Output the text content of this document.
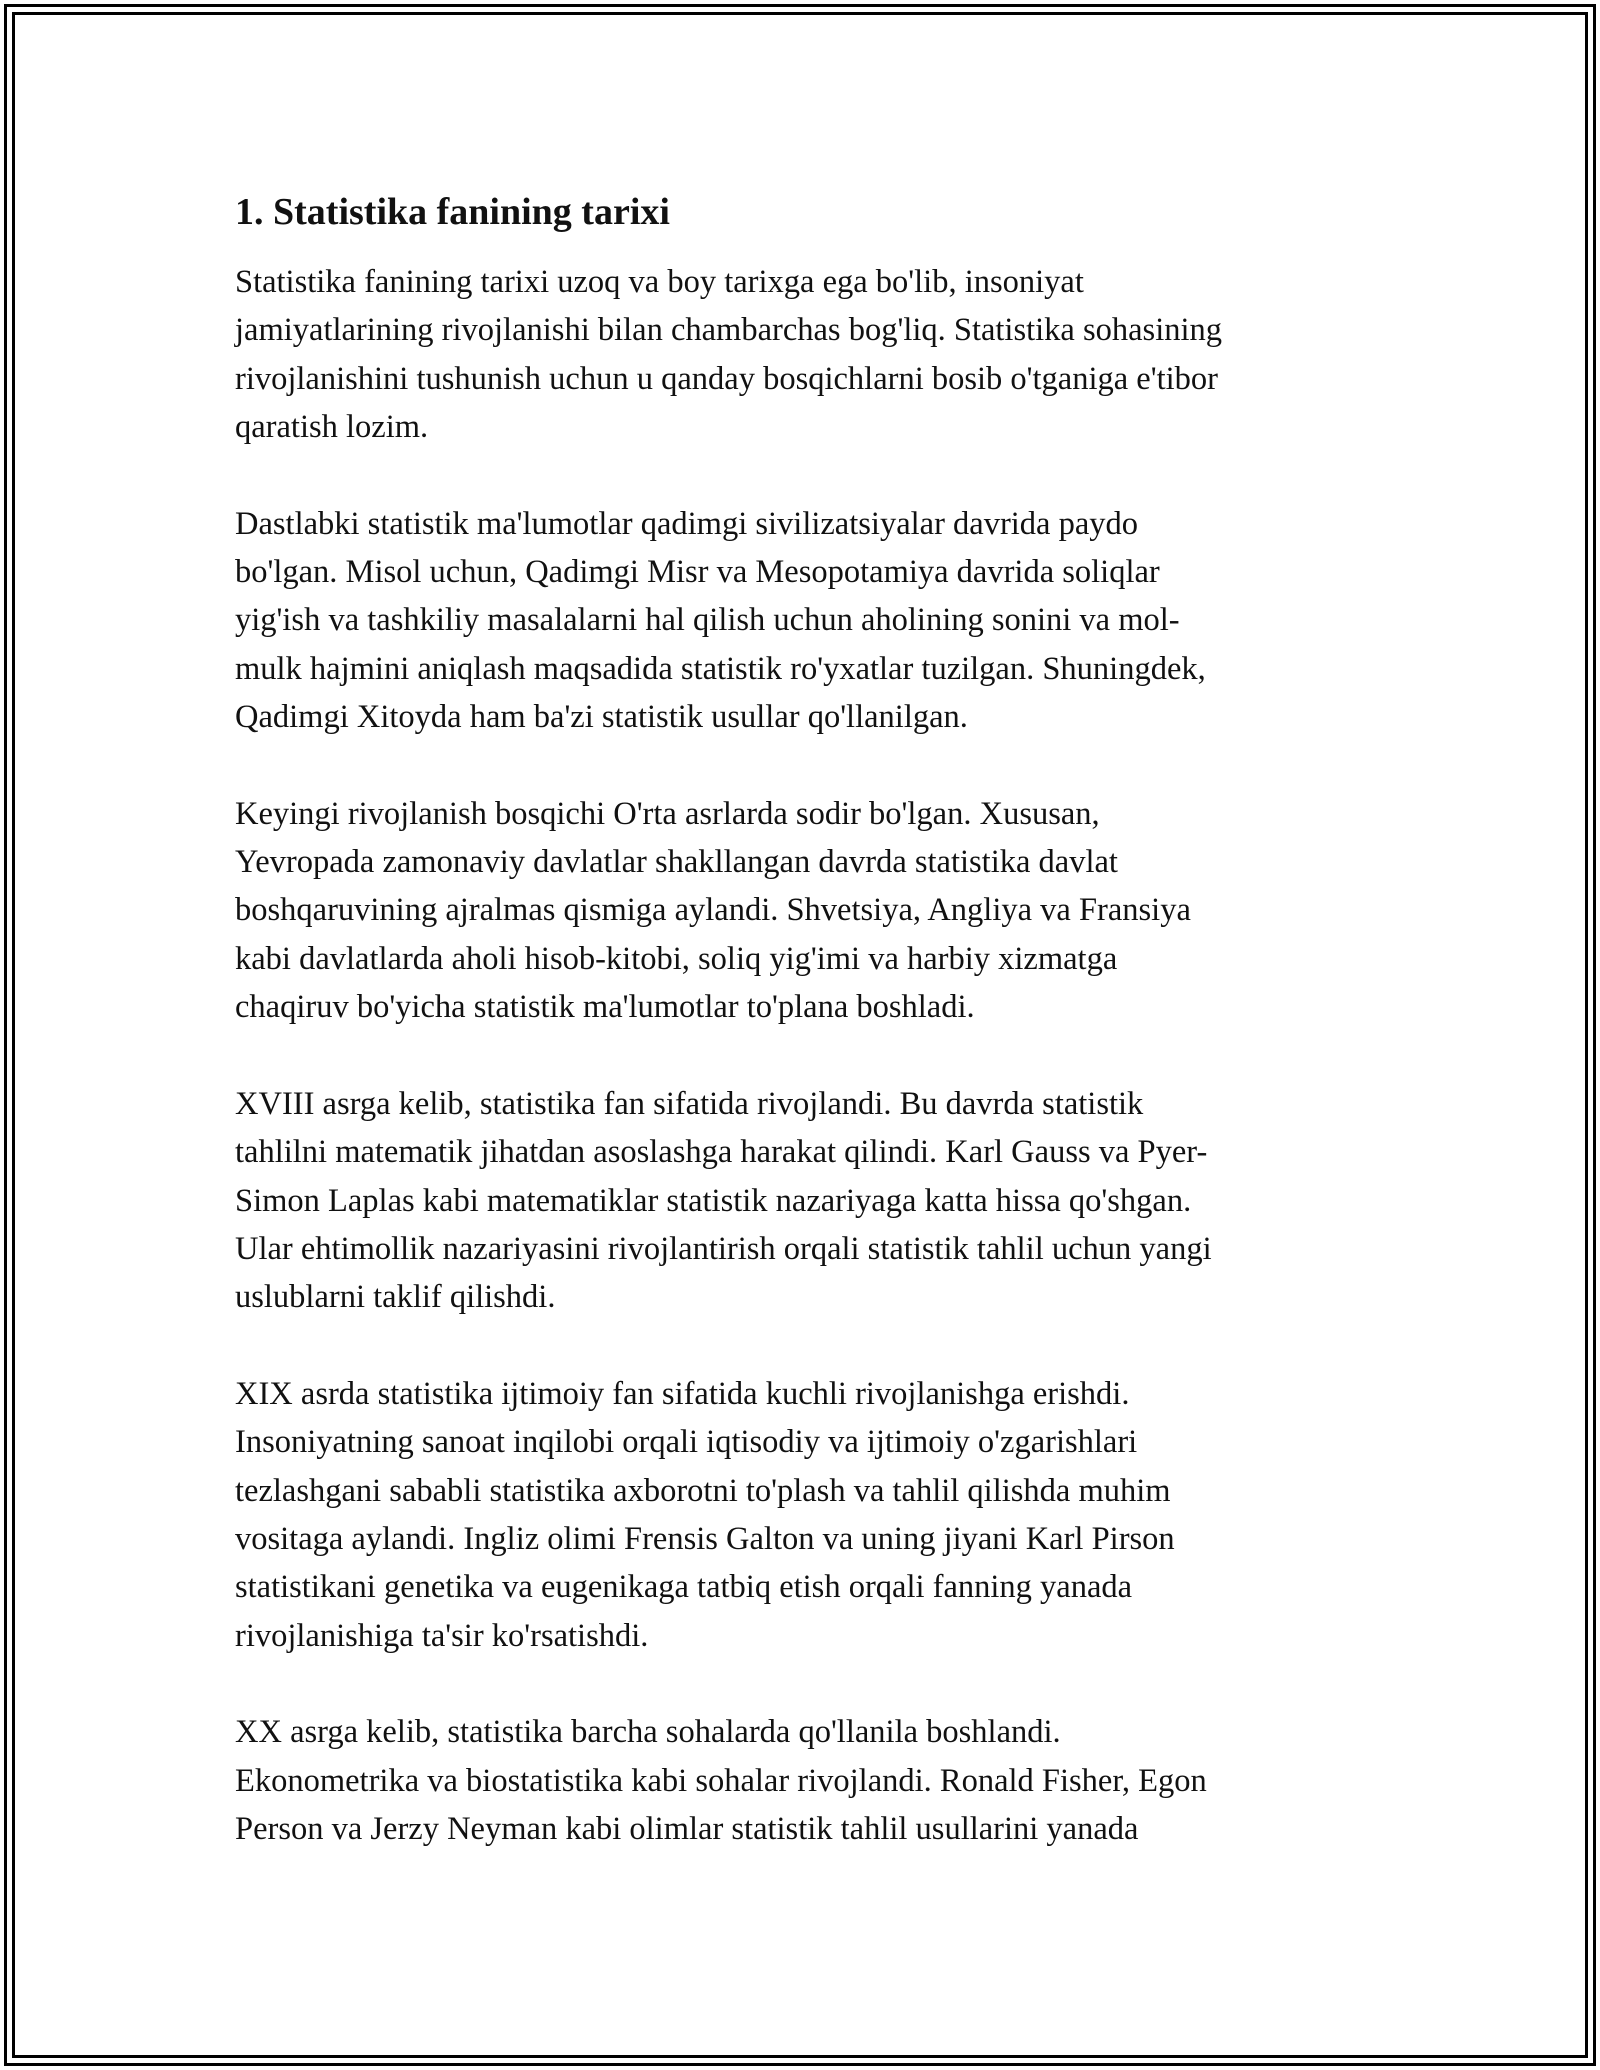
1. Statistika fanining tarixi

Statistika fanining tarixi uzoq va boy tarixga ega bo'lib, insoniyat
jamiyatlarining rivojlanishi bilan chambarchas bog'liq. Statistika sohasining
rivojlanishini tushunish uchun u qanday bosqichlarni bosib o'tganiga e'tibor
qaratish lozim.

Dastlabki statistik ma'lumotlar qadimgi sivilizatsiyalar davrida paydo
bo'lgan. Misol uchun, Qadimgi Misr va Mesopotamiya davrida soliqlar
yig'ish va tashkiliy masalalarni hal qilish uchun aholining sonini va mol-
mulk hajmini aniqlash maqsadida statistik ro'yxatlar tuzilgan. Shuningdek,
Qadimgi Xitoyda ham ba'zi statistik usullar qo'llanilgan.

Keyingi rivojlanish bosqichi O'rta asrlarda sodir bo'lgan. Xususan,
Yevropada zamonaviy davlatlar shakllangan davrda statistika davlat
boshqaruvining ajralmas qismiga aylandi. Shvetsiya, Angliya va Fransiya
kabi davlatlarda aholi hisob-kitobi, soliq yig'imi va harbiy xizmatga
chaqiruv bo'yicha statistik ma'lumotlar to'plana boshladi.

XVIII asrga kelib, statistika fan sifatida rivojlandi. Bu davrda statistik
tahlilni matematik jihatdan asoslashga harakat qilindi. Karl Gauss va Pyer-
Simon Laplas kabi matematiklar statistik nazariyaga katta hissa qo'shgan.
Ular ehtimollik nazariyasini rivojlantirish orqali statistik tahlil uchun yangi
uslublarni taklif qilishdi.

XIX asrda statistika ijtimoiy fan sifatida kuchli rivojlanishga erishdi.
Insoniyatning sanoat inqilobi orqali iqtisodiy va ijtimoiy o'zgarishlari
tezlashgani sababli statistika axborotni to'plash va tahlil qilishda muhim
vositaga aylandi. Ingliz olimi Frensis Galton va uning jiyani Karl Pirson
statistikani genetika va eugenikaga tatbiq etish orqali fanning yanada
rivojlanishiga ta'sir ko'rsatishdi.

XX asrga kelib, statistika barcha sohalarda qo'llanila boshlandi.
Ekonometrika va biostatistika kabi sohalar rivojlandi. Ronald Fisher, Egon
Person va Jerzy Neyman kabi olimlar statistik tahlil usullarini yanada
